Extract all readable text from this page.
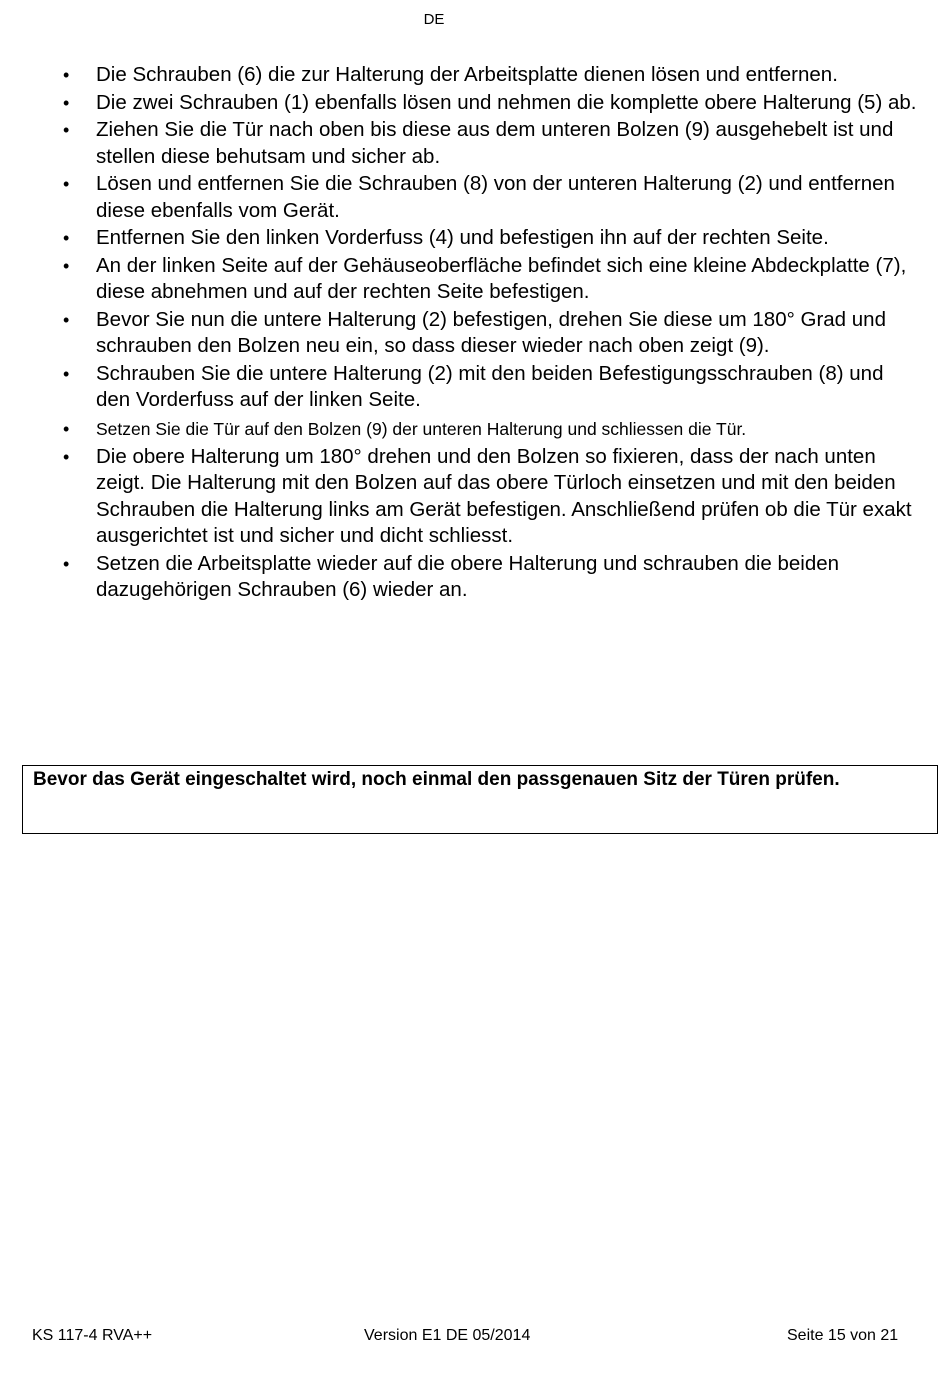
DE
• Die Schrauben (6) die zur Halterung der Arbeitsplatte dienen lösen und entfernen.
• Die zwei Schrauben (1) ebenfalls lösen und nehmen die komplette obere Halterung (5) ab.
• Ziehen Sie die Tür nach oben bis diese aus dem unteren Bolzen (9) ausgehebelt ist und stellen diese behutsam und sicher ab.
• Lösen und entfernen Sie die Schrauben (8) von der unteren Halterung (2) und entfernen diese ebenfalls vom Gerät.
• Entfernen Sie den linken Vorderfuss (4) und befestigen ihn auf der rechten Seite.
• An der linken Seite auf der Gehäuseoberfläche befindet sich eine kleine Abdeckplatte (7), diese abnehmen und auf der rechten Seite befestigen.
• Bevor Sie nun die untere Halterung (2) befestigen, drehen Sie diese um 180° Grad und schrauben den Bolzen neu ein, so dass dieser wieder nach oben zeigt (9).
• Schrauben Sie die untere Halterung (2) mit den beiden Befestigungsschrauben (8) und den Vorderfuss auf der linken Seite.
• Setzen Sie die Tür auf den Bolzen (9) der unteren Halterung und schliessen die Tür.
• Die obere Halterung um 180° drehen und den Bolzen so fixieren, dass der nach unten zeigt. Die Halterung mit den Bolzen auf das obere Türloch einsetzen und mit den beiden Schrauben die Halterung links am Gerät befestigen. Anschließend prüfen ob die Tür exakt ausgerichtet ist und sicher und dicht schliesst.
• Setzen die Arbeitsplatte wieder auf die obere Halterung und schrauben die beiden dazugehörigen Schrauben (6) wieder an.
Bevor das Gerät eingeschaltet wird, noch einmal den passgenauen Sitz der Türen prüfen.
KS 117-4 RVA++	Version E1 DE 05/2014	Seite 15 von 21
